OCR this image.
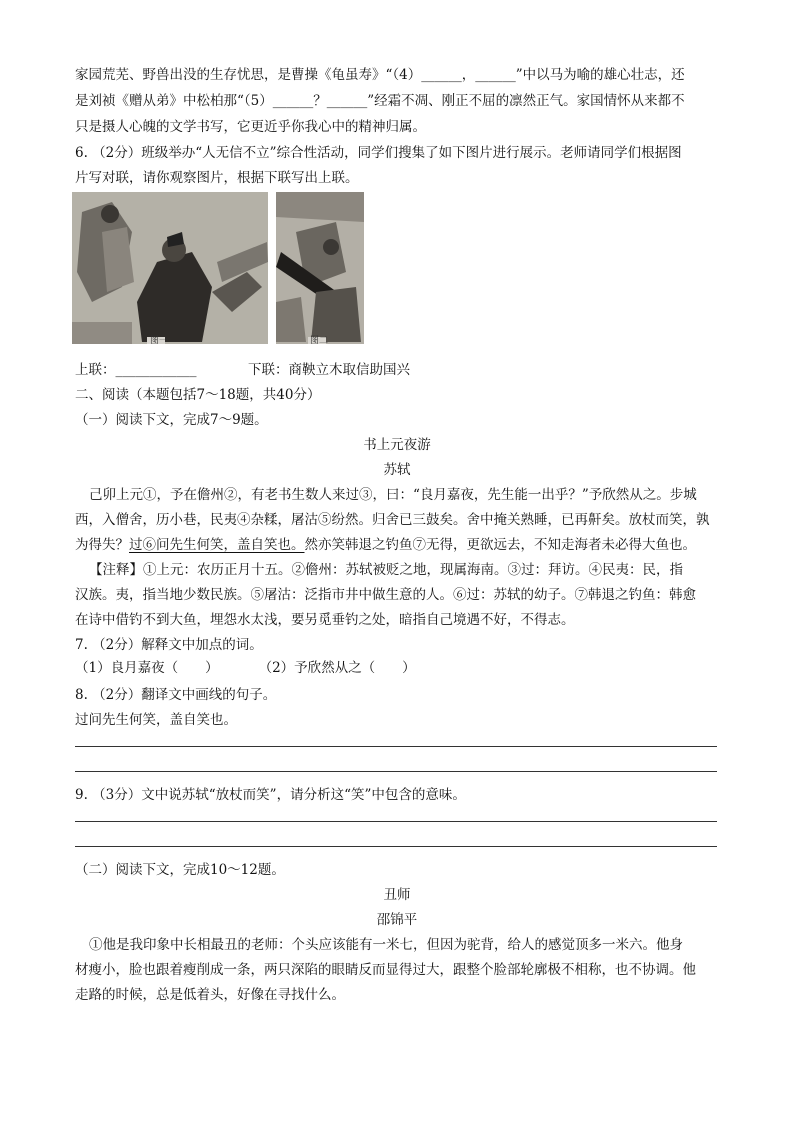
家园荒芜、野兽出没的生存忧思，是曹操《龟虽寿》“（4）______，______”中以马为喻的雄心壮志，还
是刘祯《赠从弟》中松柏那“（5）______？______”经霜不凋、刚正不屈的凛然正气。家国情怀从来都不
只是摄人心魄的文学书写，它更近乎你我心中的精神归属。
6. （2分）班级举办“人无信不立”综合性活动，同学们搜集了如下图片进行展示。老师请同学们根据图
片写对联，请你观察图片，根据下联写出上联。
图一	图二
上联：____________	下联：商鞅立木取信助国兴
二、阅读（本题包括7～18题，共40分）
（一）阅读下文，完成7～9题。
书上元夜游
苏轼
己卯上元①，予在儋州②，有老书生数人来过③，曰：“良月嘉夜，先生能一出乎？”予欣然从之。步城
西，入僧舍，历小巷，民夷④杂糅，屠沽⑤纷然。归舍已三鼓矣。舍中掩关熟睡，已再鼾矣。放杖而笑，孰
为得失？过⑥问先生何笑，盖自笑也。然亦笑韩退之钓鱼⑦无得，更欲远去，不知走海者未必得大鱼也。
【注释】①上元：农历正月十五。②儋州：苏轼被贬之地，现属海南。③过：拜访。④民夷：民，指
汉族。夷，指当地少数民族。⑤屠沽：泛指市井中做生意的人。⑥过：苏轼的幼子。⑦韩退之钓鱼：韩愈
在诗中借钓不到大鱼，埋怨水太浅，要另觅垂钓之处，暗指自己境遇不好，不得志。
7. （2分）解释文中加点的词。
（1）良月嘉夜（　　）	（2）予欣然从之（　　）
8. （2分）翻译文中画线的句子。
过问先生何笑，盖自笑也。
9. （3分）文中说苏轼“放杖而笑”，请分析这“笑”中包含的意味。
（二）阅读下文，完成10～12题。
丑师
邵锦平
①他是我印象中长相最丑的老师：个头应该能有一米七，但因为驼背，给人的感觉顶多一米六。他身
材瘦小，脸也跟着瘦削成一条，两只深陷的眼睛反而显得过大，跟整个脸部轮廓极不相称，也不协调。他
走路的时候，总是低着头，好像在寻找什么。
